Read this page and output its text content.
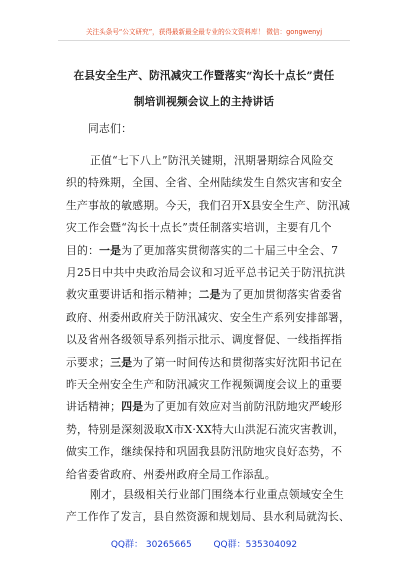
关注头条号“公文研究”，获得最新最全最专业的公文资料库！ 微信：gongwenyj
在县安全生产、防汛减灾工作暨落实“沟长十点长”责任
制培训视频会议上的主持讲话
同志们：
正值“七下八上”防汛关键期，汛期暑期综合风险交
织的特殊期，全国、全省、全州陆续发生自然灾害和安全
生产事故的敏感期。今天，我们召开X县安全生产、防汛减
灾工作会暨“沟长十点长”责任制落实培训，主要有几个
目的：一是为了更加落实贯彻落实的二十届三中全会、7
月25日中共中央政治局会议和习近平总书记关于防汛抗洪
救灾重要讲话和指示精神；二是为了更加贯彻落实省委省
政府、州委州政府关于防汛减灾、安全生产系列安排部署，
以及省州各级领导系列指示批示、调度督促、一线指挥指
示要求；三是为了第一时间传达和贯彻落实好沈阳书记在
昨天全州安全生产和防汛减灾工作视频调度会议上的重要
讲话精神；四是为了更加有效应对当前防汛防地灾严峻形
势，特别是深刻汲取X市X·XX特大山洪泥石流灾害教训，
做实工作，继续保持和巩固我县防汛防地灾良好态势，不
给省委省政府、州委州政府全局工作添乱。
刚才，县级相关行业部门围绕本行业重点领域安全生
产工作作了发言，县自然资源和规划局、县水利局就沟长、
QQ群： 30265665 QQ群：535304092
